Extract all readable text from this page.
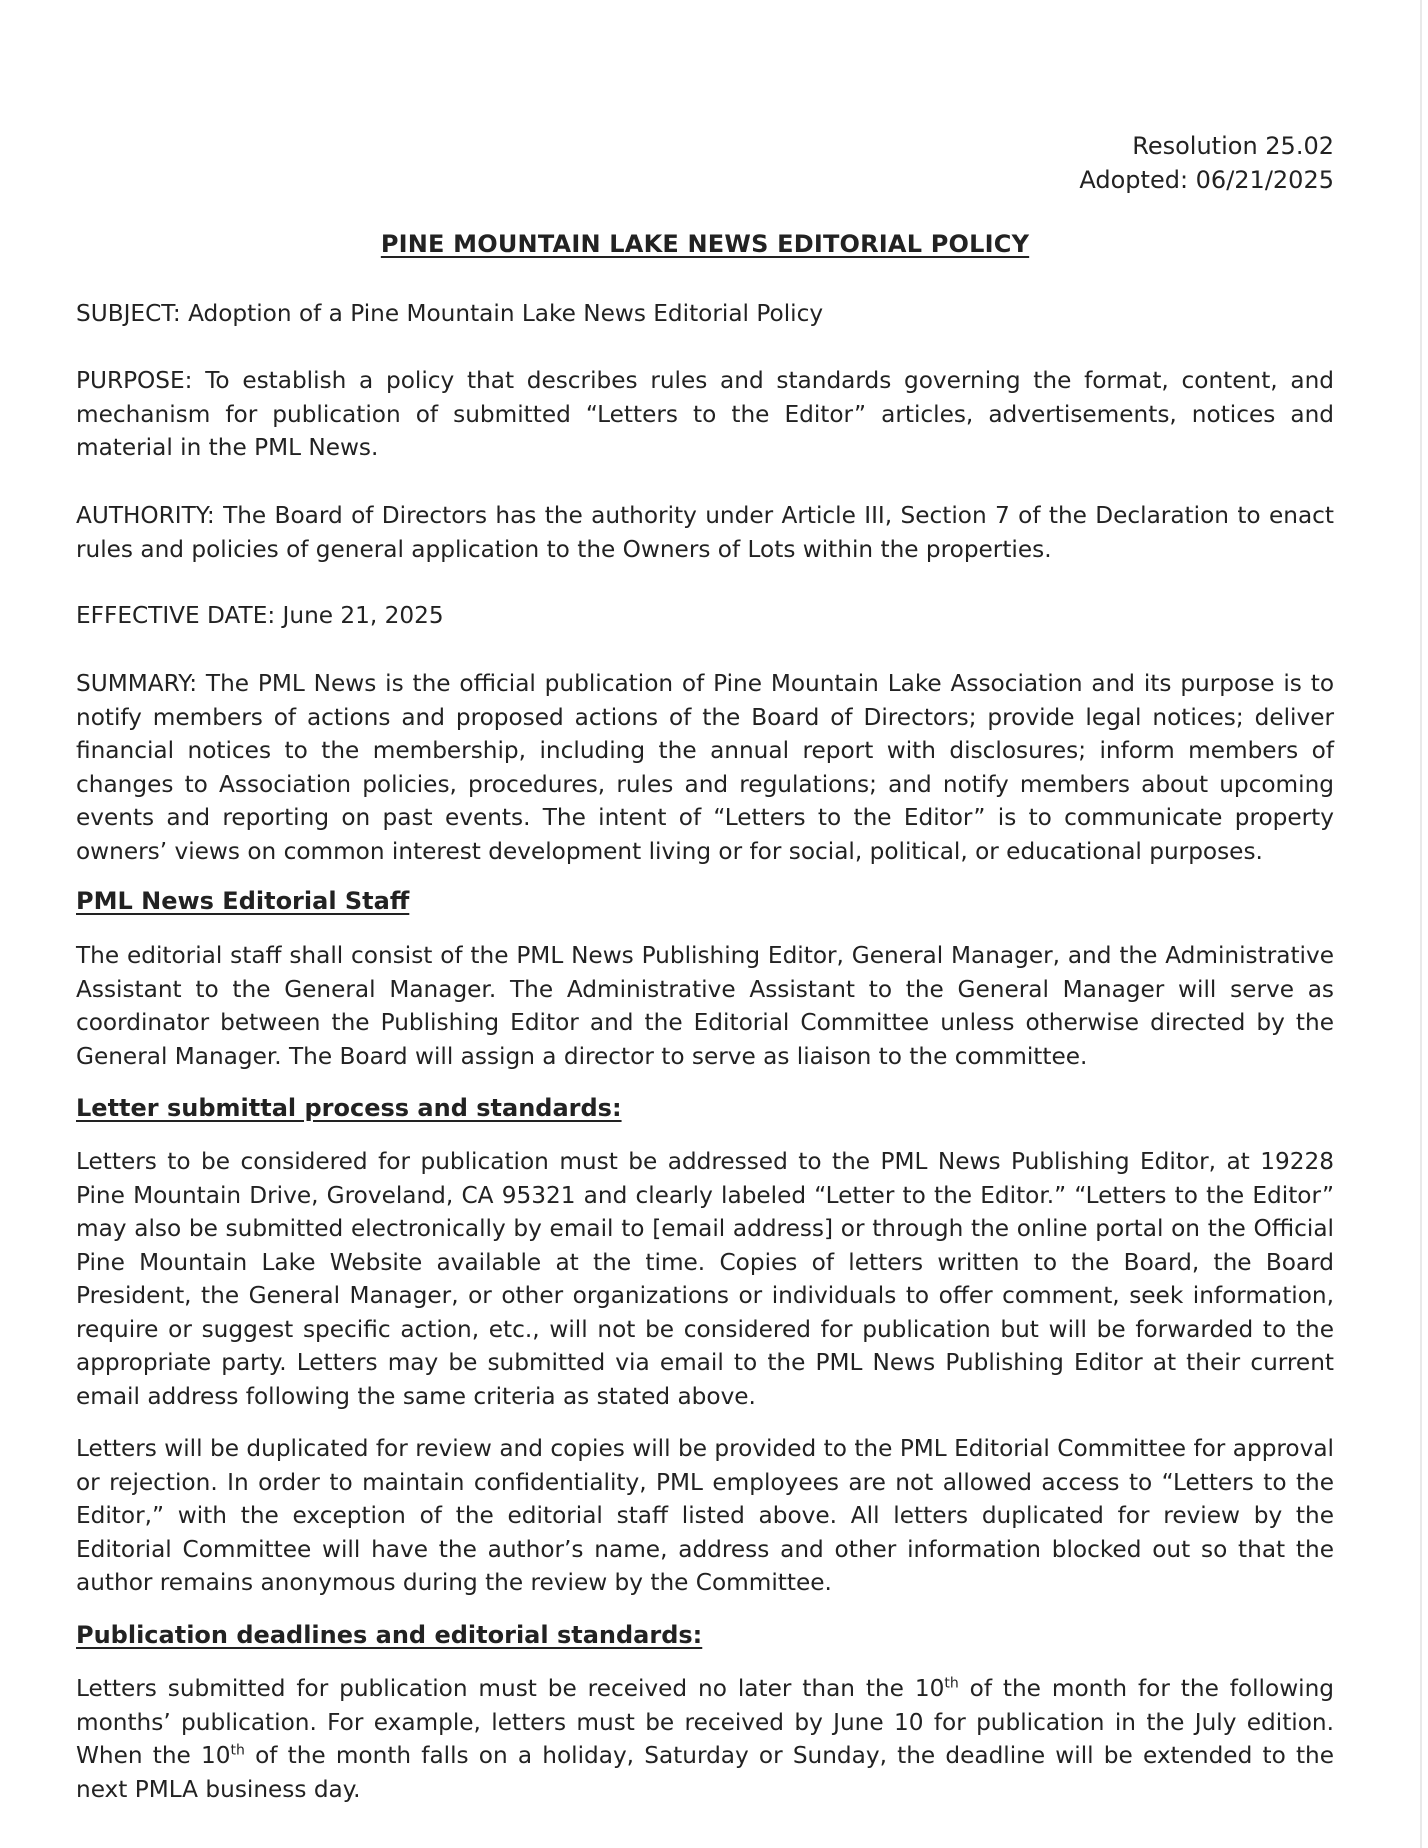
Resolution 25.02
Adopted: 06/21/2025
PINE MOUNTAIN LAKE NEWS EDITORIAL POLICY

SUBJECT: Adoption of a Pine Mountain Lake News Editorial Policy

PURPOSE: To establish a policy that describes rules and standards governing the format, content, and mechanism for publication of submitted “Letters to the Editor” articles, advertisements, notices and material in the PML News.

AUTHORITY: The Board of Directors has the authority under Article III, Section 7 of the Declaration to enact rules and policies of general application to the Owners of Lots within the properties.

EFFECTIVE DATE: June 21, 2025

SUMMARY: The PML News is the official publication of Pine Mountain Lake Association and its purpose is to notify members of actions and proposed actions of the Board of Directors; provide legal notices; deliver financial notices to the membership, including the annual report with disclosures; inform members of changes to Association policies, procedures, rules and regulations; and notify members about upcoming events and reporting on past events. The intent of “Letters to the Editor” is to communicate property owners’ views on common interest development living or for social, political, or educational purposes.

PML News Editorial Staff

The editorial staff shall consist of the PML News Publishing Editor, General Manager, and the Administrative Assistant to the General Manager. The Administrative Assistant to the General Manager will serve as coordinator between the Publishing Editor and the Editorial Committee unless otherwise directed by the General Manager. The Board will assign a director to serve as liaison to the committee.

Letter submittal process and standards:

Letters to be considered for publication must be addressed to the PML News Publishing Editor, at 19228 Pine Mountain Drive, Groveland, CA 95321 and clearly labeled “Letter to the Editor.” “Letters to the Editor” may also be submitted electronically by email to [email address] or through the online portal on the Official Pine Mountain Lake Website available at the time. Copies of letters written to the Board, the Board President, the General Manager, or other organizations or individuals to offer comment, seek information, require or suggest specific action, etc., will not be considered for publication but will be forwarded to the appropriate party. Letters may be submitted via email to the PML News Publishing Editor at their current email address following the same criteria as stated above.

Letters will be duplicated for review and copies will be provided to the PML Editorial Committee for approval or rejection. In order to maintain confidentiality, PML employees are not allowed access to “Letters to the Editor,” with the exception of the editorial staff listed above. All letters duplicated for review by the Editorial Committee will have the author’s name, address and other information blocked out so that the author remains anonymous during the review by the Committee.

Publication deadlines and editorial standards:

Letters submitted for publication must be received no later than the 10th of the month for the following months’ publication. For example, letters must be received by June 10 for publication in the July edition. When the 10th of the month falls on a holiday, Saturday or Sunday, the deadline will be extended to the next PMLA business day.
